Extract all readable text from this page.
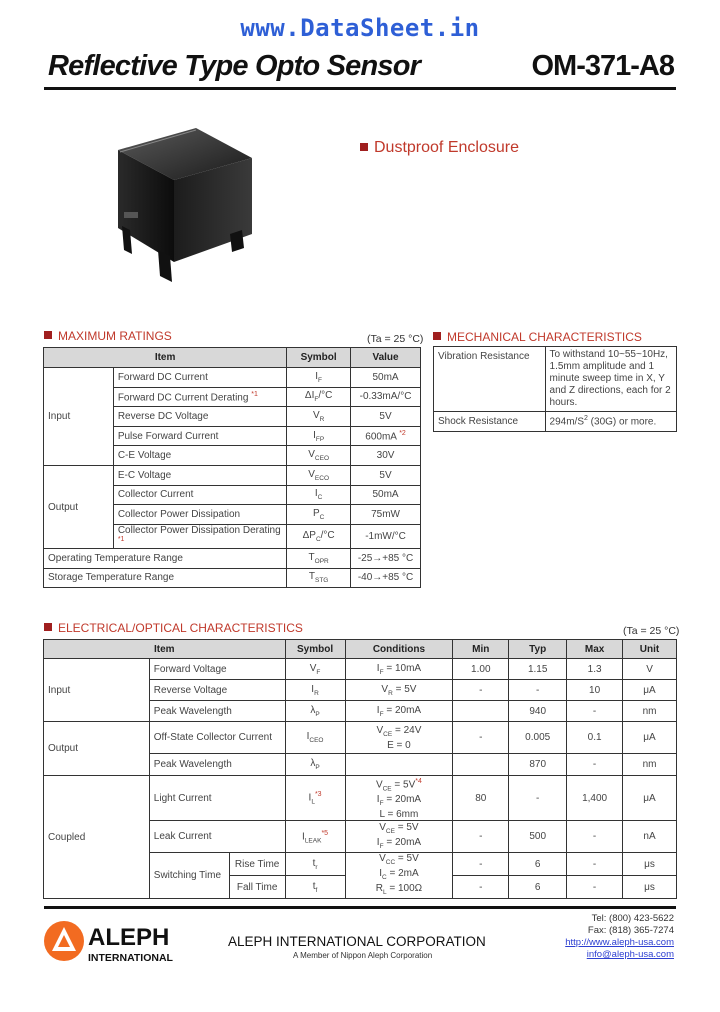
www.DataSheet.in
Reflective Type Opto Sensor	OM-371-A8
Dustproof Enclosure
MAXIMUM RATINGS	(Ta = 25 °C)
Item		Symbol	Value
Input	Forward DC Current	$I_F$	50mA
	Forward DC Current Derating $^{*1}$	$\Delta I_F/^\circ C$	-0.33mA/°C
	Reverse DC Voltage	$V_R$	5V
	Pulse Forward Current	$I_{FP}$	600mA $^{*2}$
	C-E Voltage	$V_{CEO}$	30V
Output	E-C Voltage	$V_{ECO}$	5V
	Collector Current	$I_C$	50mA
	Collector Power Dissipation	$P_C$	75mW
	Collector Power Dissipation Derating $^{*1}$	$\Delta P_C/^\circ C$	-1mW/°C
Operating Temperature Range		$T_{OPR}$	-25→+85 °C
Storage Temperature Range		$T_{STG}$	-40→+85 °C
MECHANICAL CHARACTERISTICS
Vibration Resistance	To withstand 10~55~10Hz, 1.5mm amplitude and 1 minute sweep time in X, Y and Z directions, each for 2 hours.
Shock Resistance	$294m/S^2$ (30G) or more.
ELECTRICAL/OPTICAL CHARACTERISTICS	(Ta = 25 °C)
Item			Symbol	Conditions	Min	Typ	Max	Unit
Input	Forward Voltage		$V_F$	$I_F = 10mA$	1.00	1.15	1.3	V
	Reverse Voltage		$I_R$	$V_R = 5V$	-	-	10	μA
	Peak Wavelength		$\lambda_P$	$I_F = 20mA$		940	-	nm
Output	Off-State Collector Current		$I_{CEO}$	$V_{CE} = 24V$
E = 0	-	0.005	0.1	μA
	Peak Wavelength		$\lambda_P$			870	-	nm
Coupled	Light Current		$I_L^{*3}$	$V_{CE} = 5V^{*4}$
$I_F = 20mA$
L = 6mm	80	-	1,400	μA
	Leak Current		$I_{LEAK}^{*5}$	$V_{CE} = 5V$
$I_F = 20mA$	-	500	-	nA
	Switching Time	Rise Time	$t_r$	$V_{CC} = 5V$
$I_C = 2mA$
$R_L = 100\Omega$	-	6	-	μs
		Fall Time	$t_f$		-	6	-	μs
ALEPH
INTERNATIONAL
ALEPH INTERNATIONAL CORPORATION
A Member of Nippon Aleph Corporation
Tel: (800) 423-5622
Fax: (818) 365-7274
http://www.aleph-usa.com
info@aleph-usa.com
